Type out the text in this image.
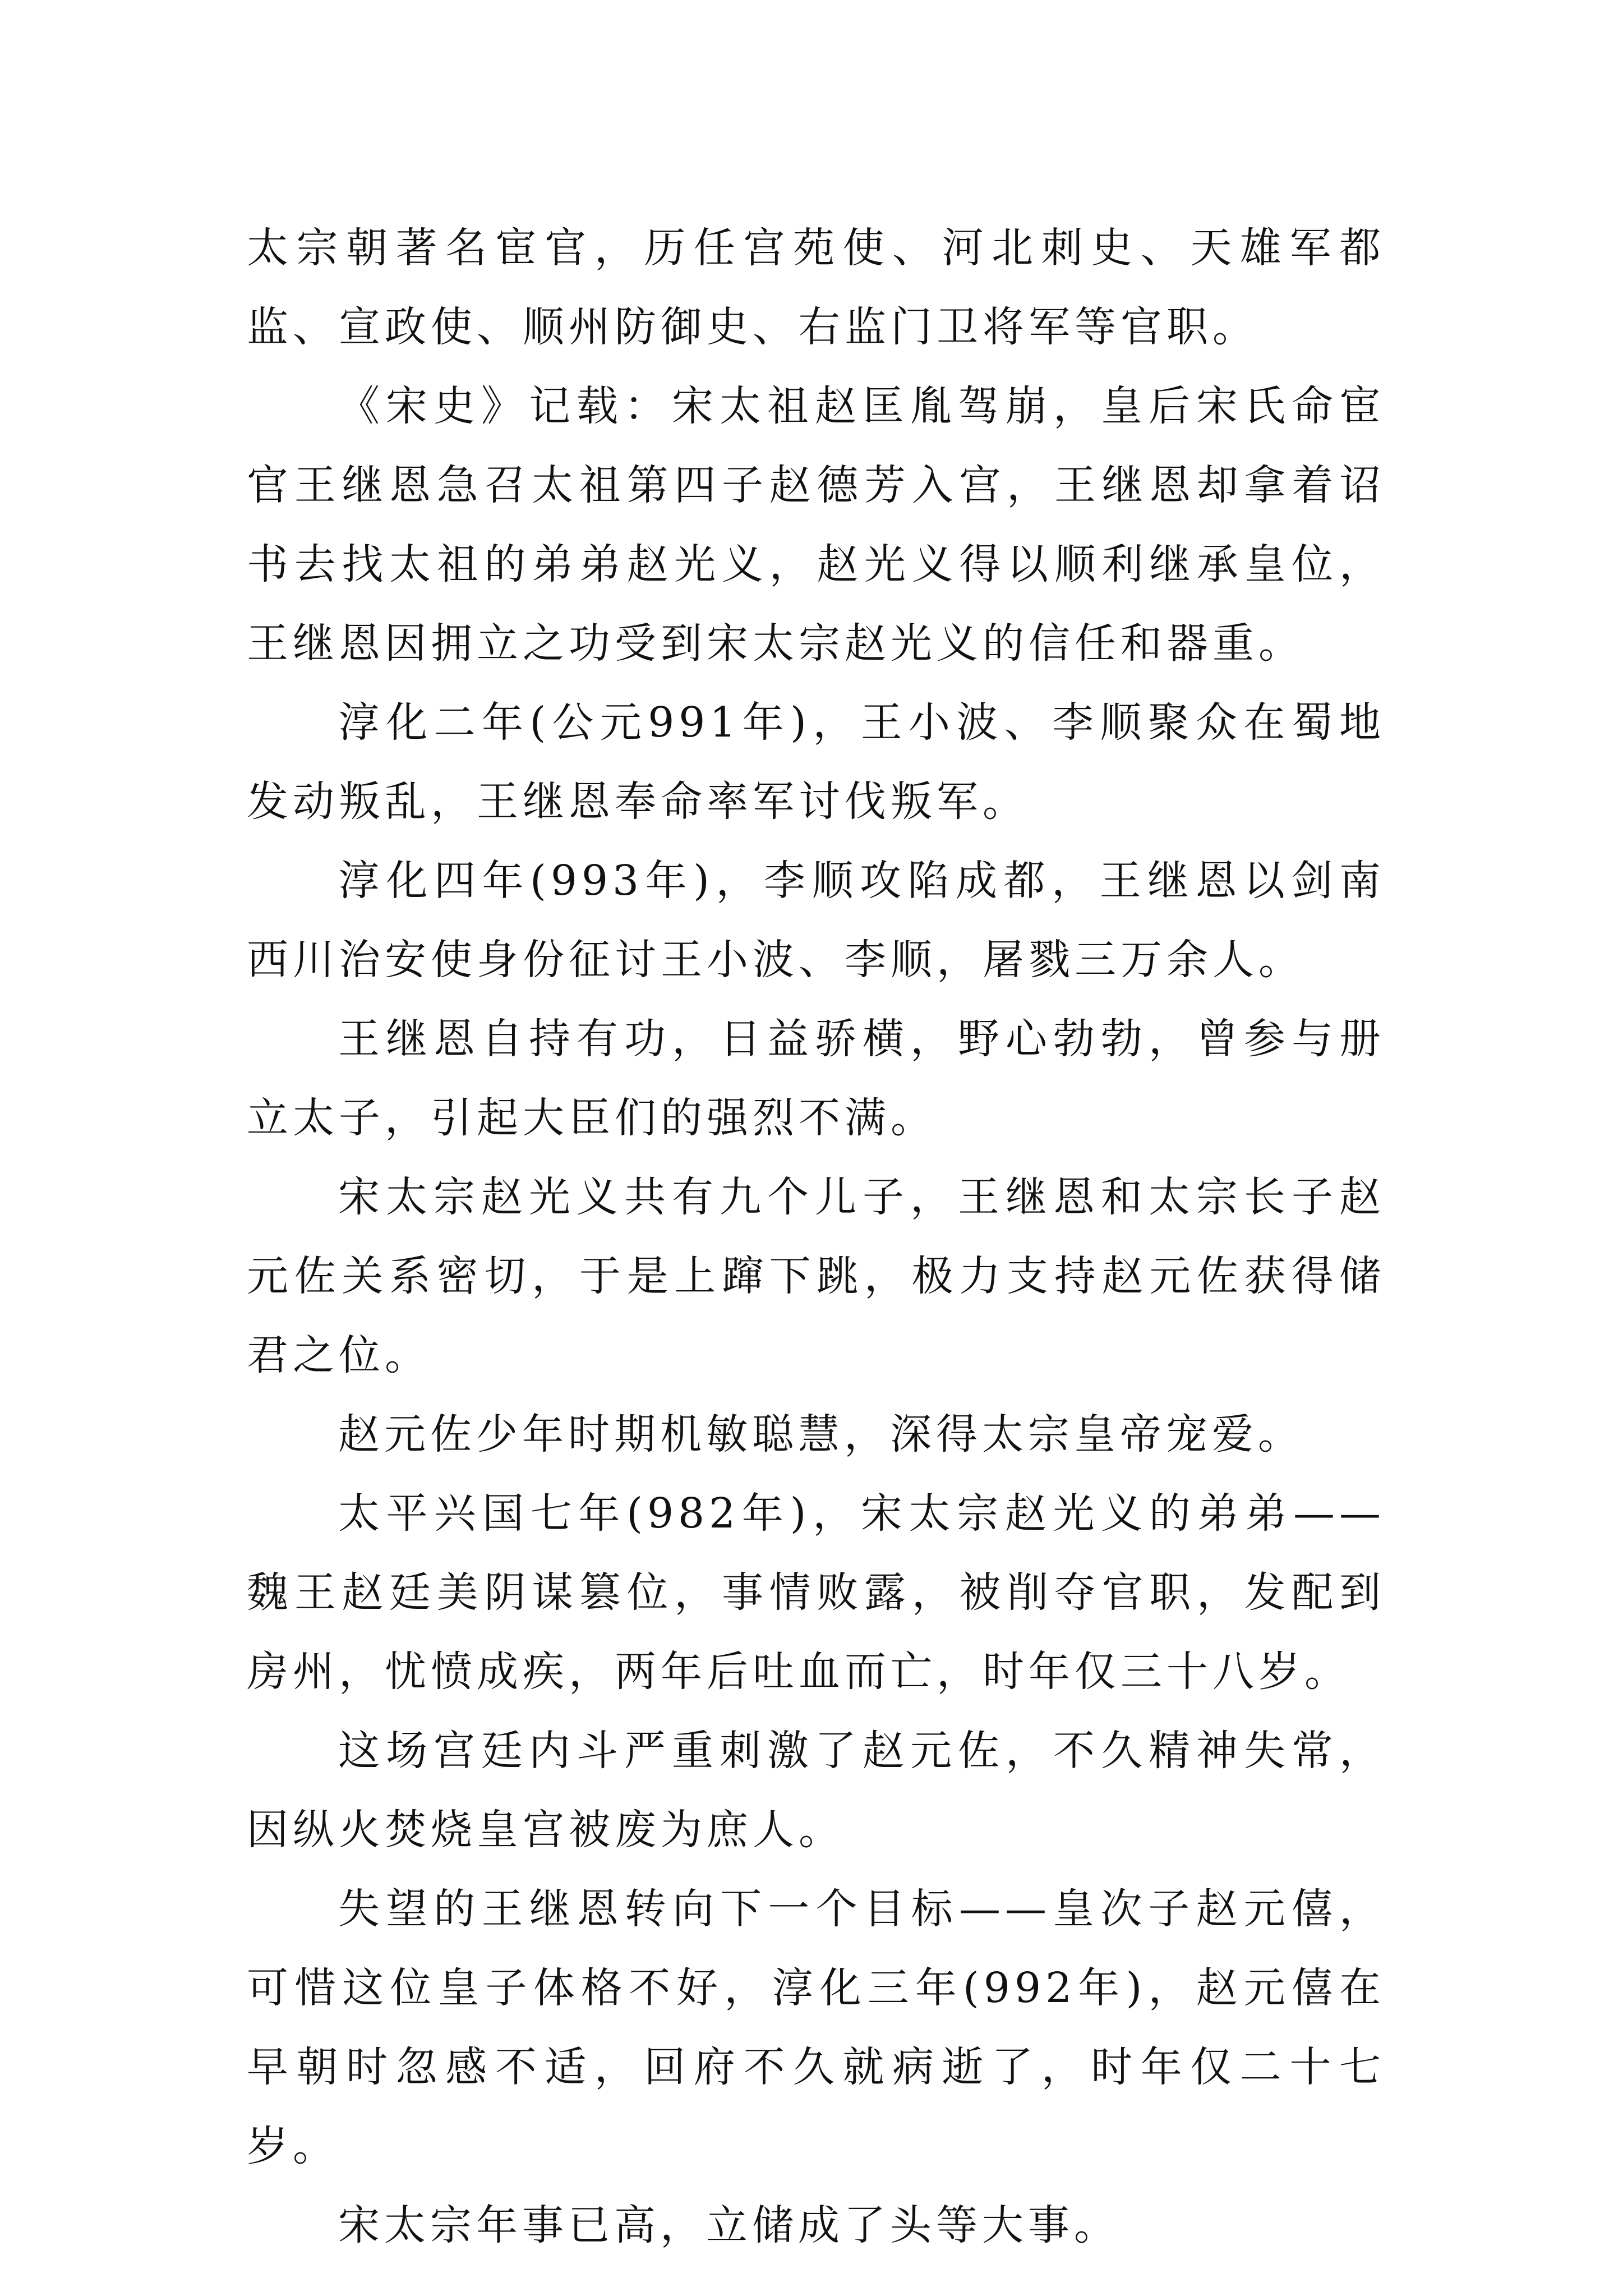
太宗朝著名宦官，历任宫苑使、河北刺史、天雄军都监、宣政使、顺州防御史、右监门卫将军等官职。

《宋史》记载：宋太祖赵匡胤驾崩，皇后宋氏命宦官王继恩急召太祖第四子赵德芳入宫，王继恩却拿着诏书去找太祖的弟弟赵光义，赵光义得以顺利继承皇位，王继恩因拥立之功受到宋太宗赵光义的信任和器重。

淳化二年(公元991年)，王小波、李顺聚众在蜀地发动叛乱，王继恩奉命率军讨伐叛军。

淳化四年(993年)，李顺攻陷成都，王继恩以剑南西川治安使身份征讨王小波、李顺，屠戮三万余人。

王继恩自持有功，日益骄横，野心勃勃，曾参与册立太子，引起大臣们的强烈不满。

宋太宗赵光义共有九个儿子，王继恩和太宗长子赵元佐关系密切，于是上蹿下跳，极力支持赵元佐获得储君之位。

赵元佐少年时期机敏聪慧，深得太宗皇帝宠爱。

太平兴国七年(982年)，宋太宗赵光义的弟弟——魏王赵廷美阴谋篡位，事情败露，被削夺官职，发配到房州，忧愤成疾，两年后吐血而亡，时年仅三十八岁。

这场宫廷内斗严重刺激了赵元佐，不久精神失常，因纵火焚烧皇宫被废为庶人。

失望的王继恩转向下一个目标——皇次子赵元僖，可惜这位皇子体格不好，淳化三年(992年)，赵元僖在早朝时忽感不适，回府不久就病逝了，时年仅二十七岁。

宋太宗年事已高，立储成了头等大事。
